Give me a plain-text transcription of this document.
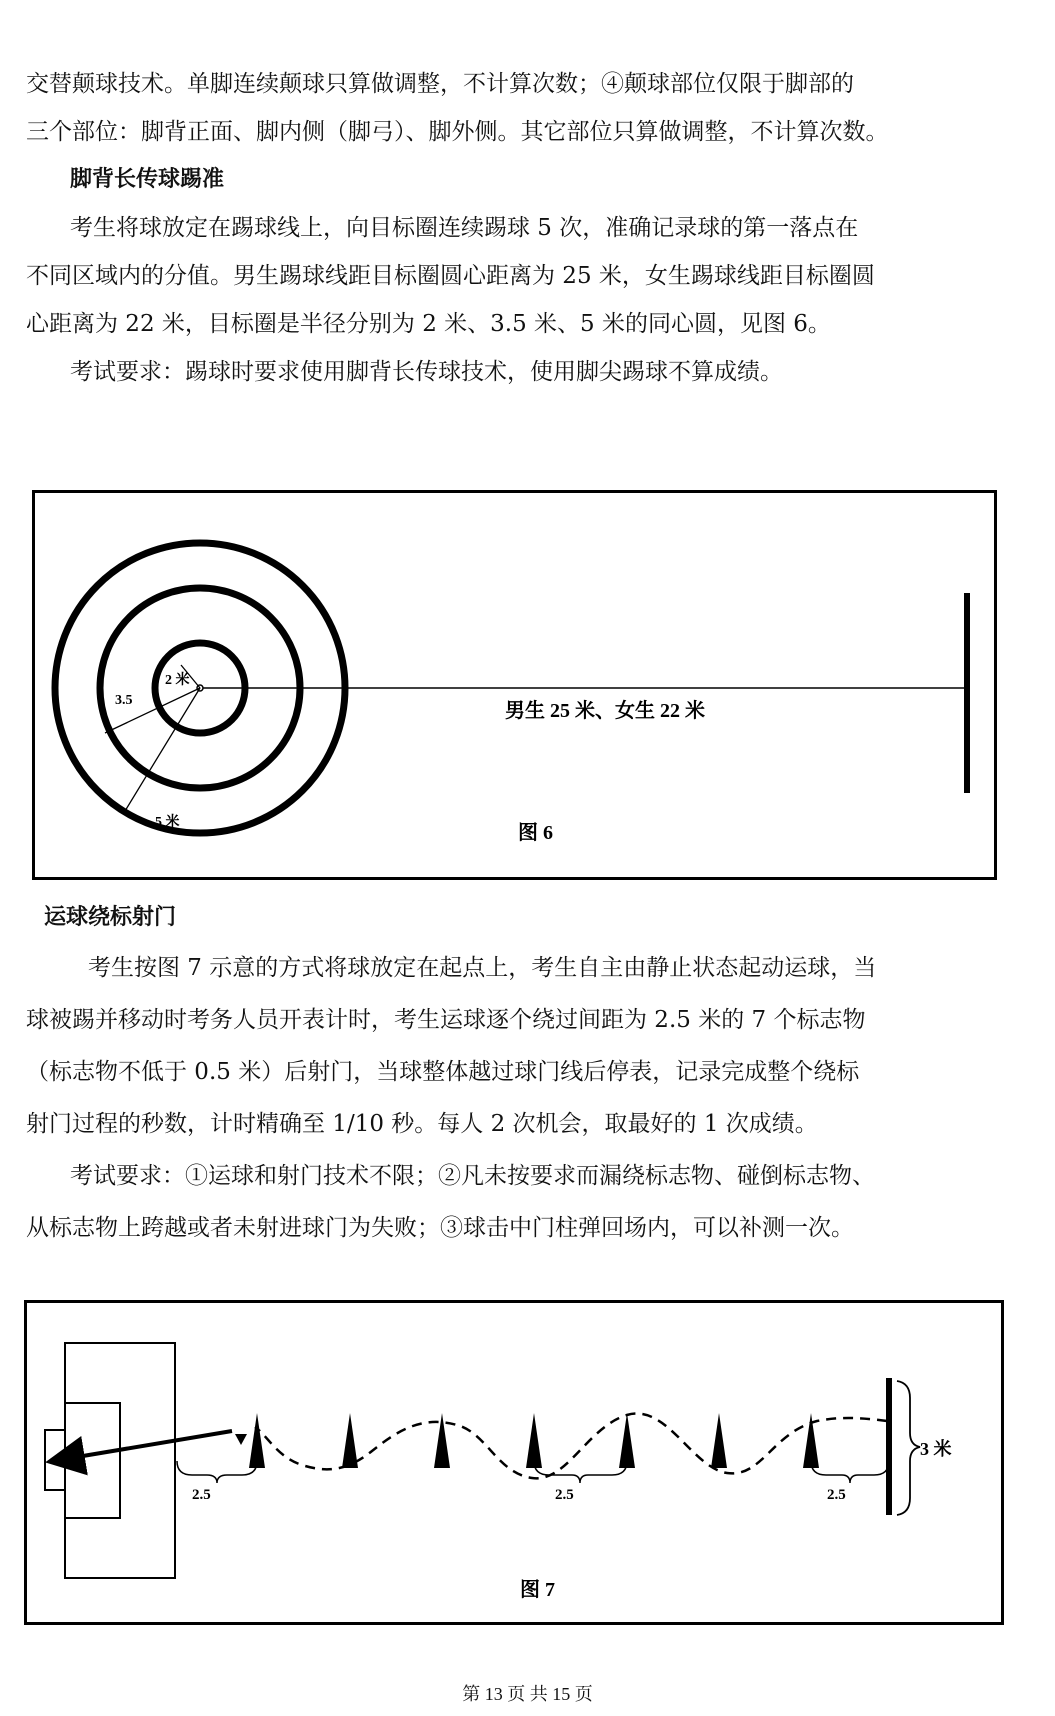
交替颠球技术。单脚连续颠球只算做调整，不计算次数；④颠球部位仅限于脚部的

三个部位：脚背正面、脚内侧（脚弓）、脚外侧。其它部位只算做调整，不计算次数。

脚背长传球踢准

考生将球放定在踢球线上，向目标圈连续踢球 5 次，准确记录球的第一落点在

不同区域内的分值。男生踢球线距目标圈圆心距离为 25 米，女生踢球线距目标圈圆

心距离为 22 米，目标圈是半径分别为 2 米、3.5 米、5 米的同心圆，见图 6。

考试要求：踢球时要求使用脚背长传球技术，使用脚尖踢球不算成绩。

2 米
3.5
5 米
男生 25 米、女生 22 米
图 6

运球绕标射门

考生按图 7 示意的方式将球放定在起点上，考生自主由静止状态起动运球，当

球被踢并移动时考务人员开表计时，考生运球逐个绕过间距为 2.5 米的 7 个标志物

（标志物不低于 0.5 米）后射门，当球整体越过球门线后停表，记录完成整个绕标

射门过程的秒数，计时精确至 1/10 秒。每人 2 次机会，取最好的 1 次成绩。

考试要求：①运球和射门技术不限；②凡未按要求而漏绕标志物、碰倒标志物、

从标志物上跨越或者未射进球门为失败；③球击中门柱弹回场内，可以补测一次。

2.5	2.5	2.5
3 米
图 7
第 13 页 共 15 页
